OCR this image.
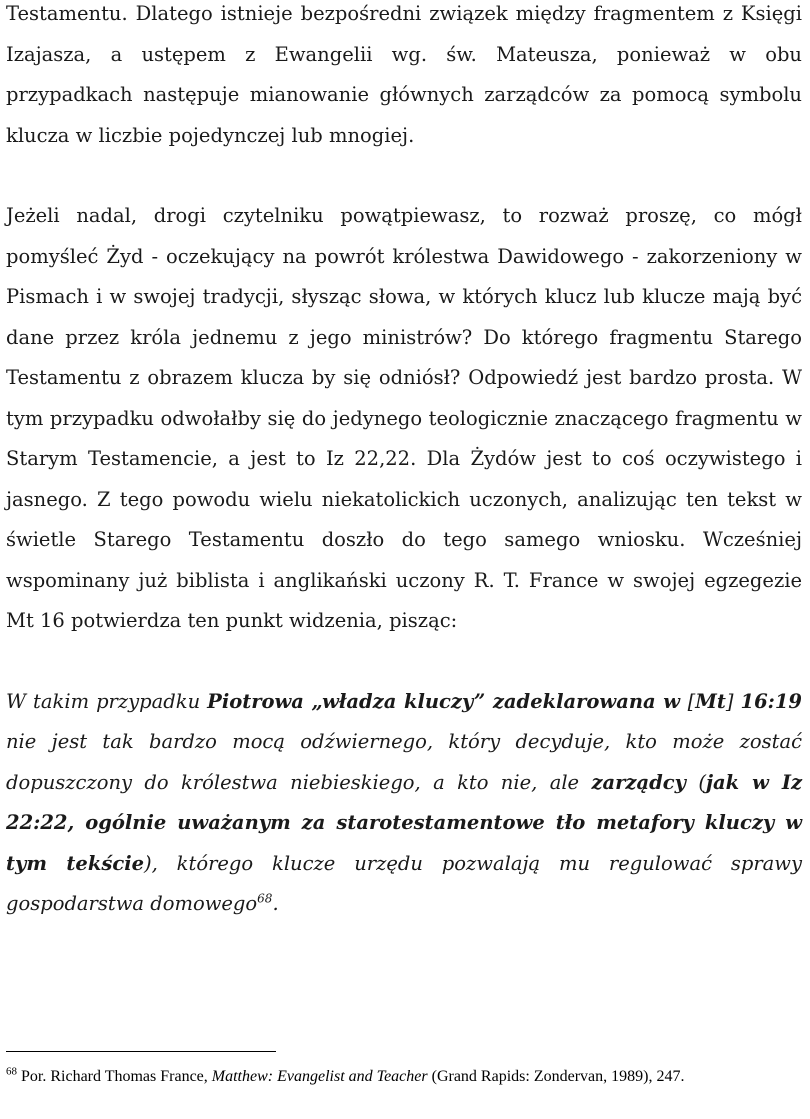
Testamentu. Dlatego istnieje bezpośredni związek między fragmentem z Księgi Izajasza, a ustępem z Ewangelii wg. św. Mateusza, ponieważ w obu przypadkach następuje mianowanie głównych zarządców za pomocą symbolu klucza w liczbie pojedynczej lub mnogiej.

Jeżeli nadal, drogi czytelniku powątpiewasz, to rozważ proszę, co mógł pomyśleć Żyd - oczekujący na powrót królestwa Dawidowego - zakorzeniony w Pismach i w swojej tradycji, słysząc słowa, w których klucz lub klucze mają być dane przez króla jednemu z jego ministrów? Do którego fragmentu Starego Testamentu z obrazem klucza by się odniósł? Odpowiedź jest bardzo prosta. W tym przypadku odwołałby się do jedynego teologicznie znaczącego fragmentu w Starym Testamencie, a jest to Iz 22,22. Dla Żydów jest to coś oczywistego i jasnego. Z tego powodu wielu niekatolickich uczonych, analizując ten tekst w świetle Starego Testamentu doszło do tego samego wniosku. Wcześniej wspominany już biblista i anglikański uczony R. T. France w swojej egzegezie Mt 16 potwierdza ten punkt widzenia, pisząc:

W takim przypadku Piotrowa „władza kluczy” zadeklarowana w [Mt] 16:19 nie jest tak bardzo mocą odźwiernego, który decyduje, kto może zostać dopuszczony do królestwa niebieskiego, a kto nie, ale zarządcy (jak w Iz 22:22, ogólnie uważanym za starotestamentowe tło metafory kluczy w tym tekście), którego klucze urzędu pozwalają mu regulować sprawy gospodarstwa domowego$^{68}$.

$^{68}$ Por. Richard Thomas France, Matthew: Evangelist and Teacher (Grand Rapids: Zondervan, 1989), 247.
